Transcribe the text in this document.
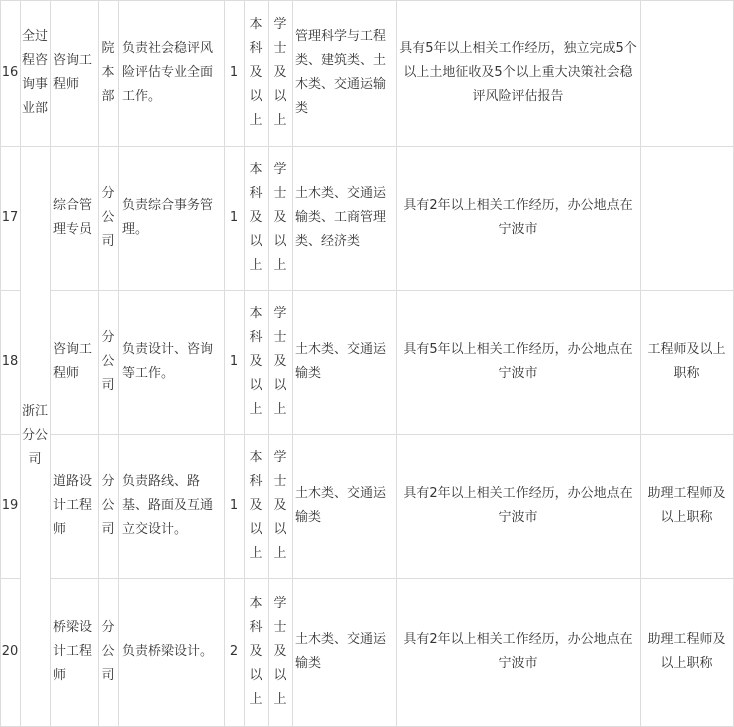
全过程咨询事业部
浙江分公司
16
咨询工程师
院本部
负责社会稳评风险评估专业全面工作。
1
本科及以上
学士及以上
管理科学与工程类、建筑类、土木类、交通运输类
具有5年以上相关工作经历，独立完成5个以上土地征收及5个以上重大决策社会稳评风险评估报告
17
综合管理专员
分公司
负责综合事务管理。
1
本科及以上
学士及以上
土木类、交通运输类、工商管理类、经济类
具有2年以上相关工作经历，办公地点在宁波市
18
咨询工程师
分公司
负责设计、咨询等工作。
1
本科及以上
学士及以上
土木类、交通运输类
具有5年以上相关工作经历，办公地点在宁波市
工程师及以上职称
19
道路设计工程师
分公司
负责路线、路基、路面及互通立交设计。
1
本科及以上
学士及以上
土木类、交通运输类
具有2年以上相关工作经历，办公地点在宁波市
助理工程师及以上职称
20
桥梁设计工程师
分公司
负责桥梁设计。 2
本科及以上
学士及以上
土木类、交通运输类
具有2年以上相关工作经历，办公地点在宁波市
助理工程师及以上职称
